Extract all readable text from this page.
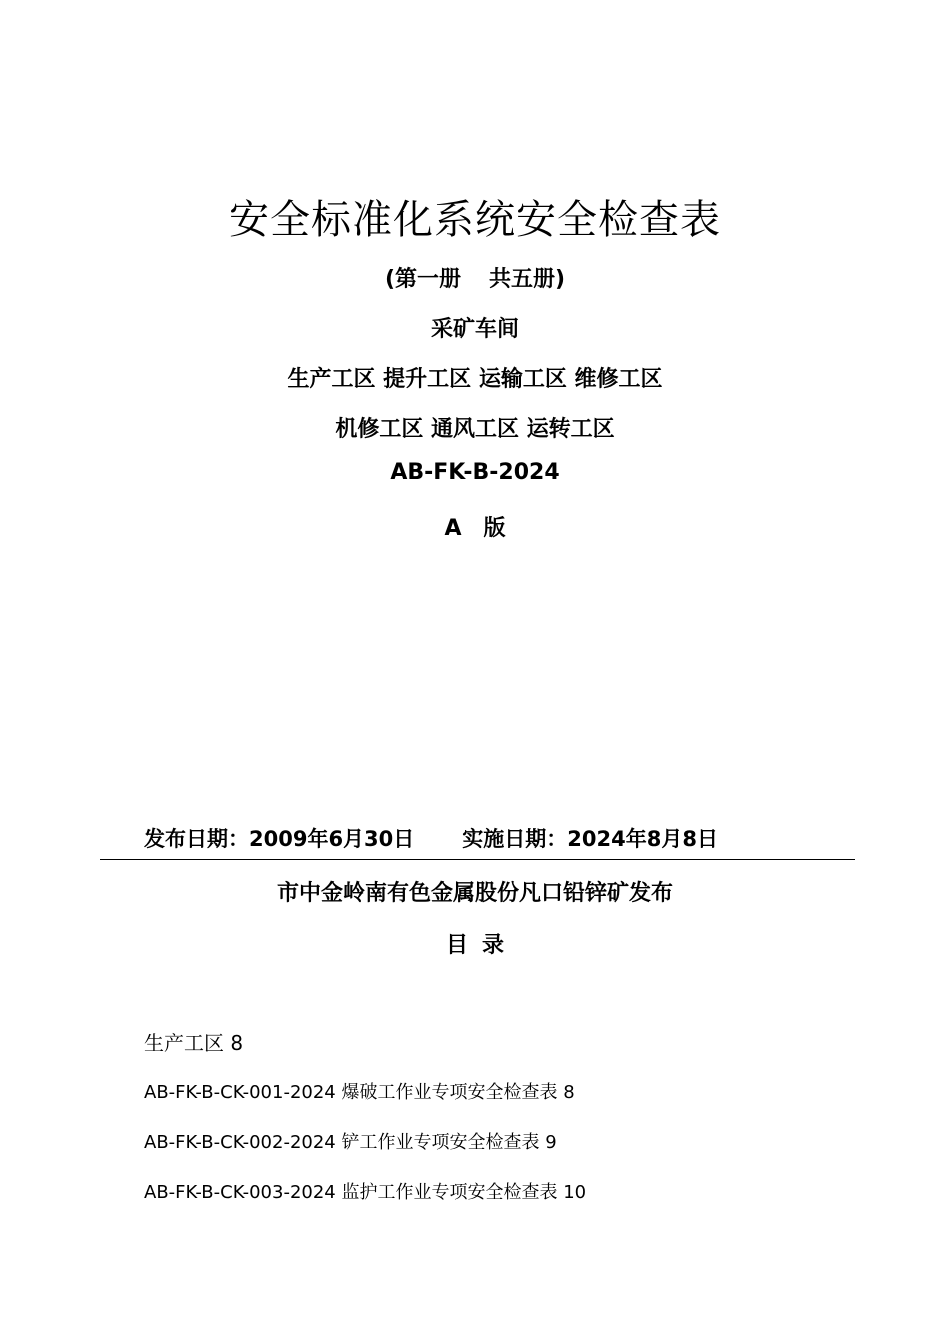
安全标准化系统安全检查表
(第一册 共五册)
采矿车间
生产工区 提升工区 运输工区 维修工区
机修工区 通风工区 运转工区
AB-FK-B-2024
A 版
发布日期：2009年6月30日 实施日期：2024年8月8日
市中金岭南有色金属股份凡口铅锌矿发布
目 录
生产工区 8
AB-FK-B-CK-001-2024 爆破工作业专项安全检查表 8
AB-FK-B-CK-002-2024 铲工作业专项安全检查表 9
AB-FK-B-CK-003-2024 监护工作业专项安全检查表 10
